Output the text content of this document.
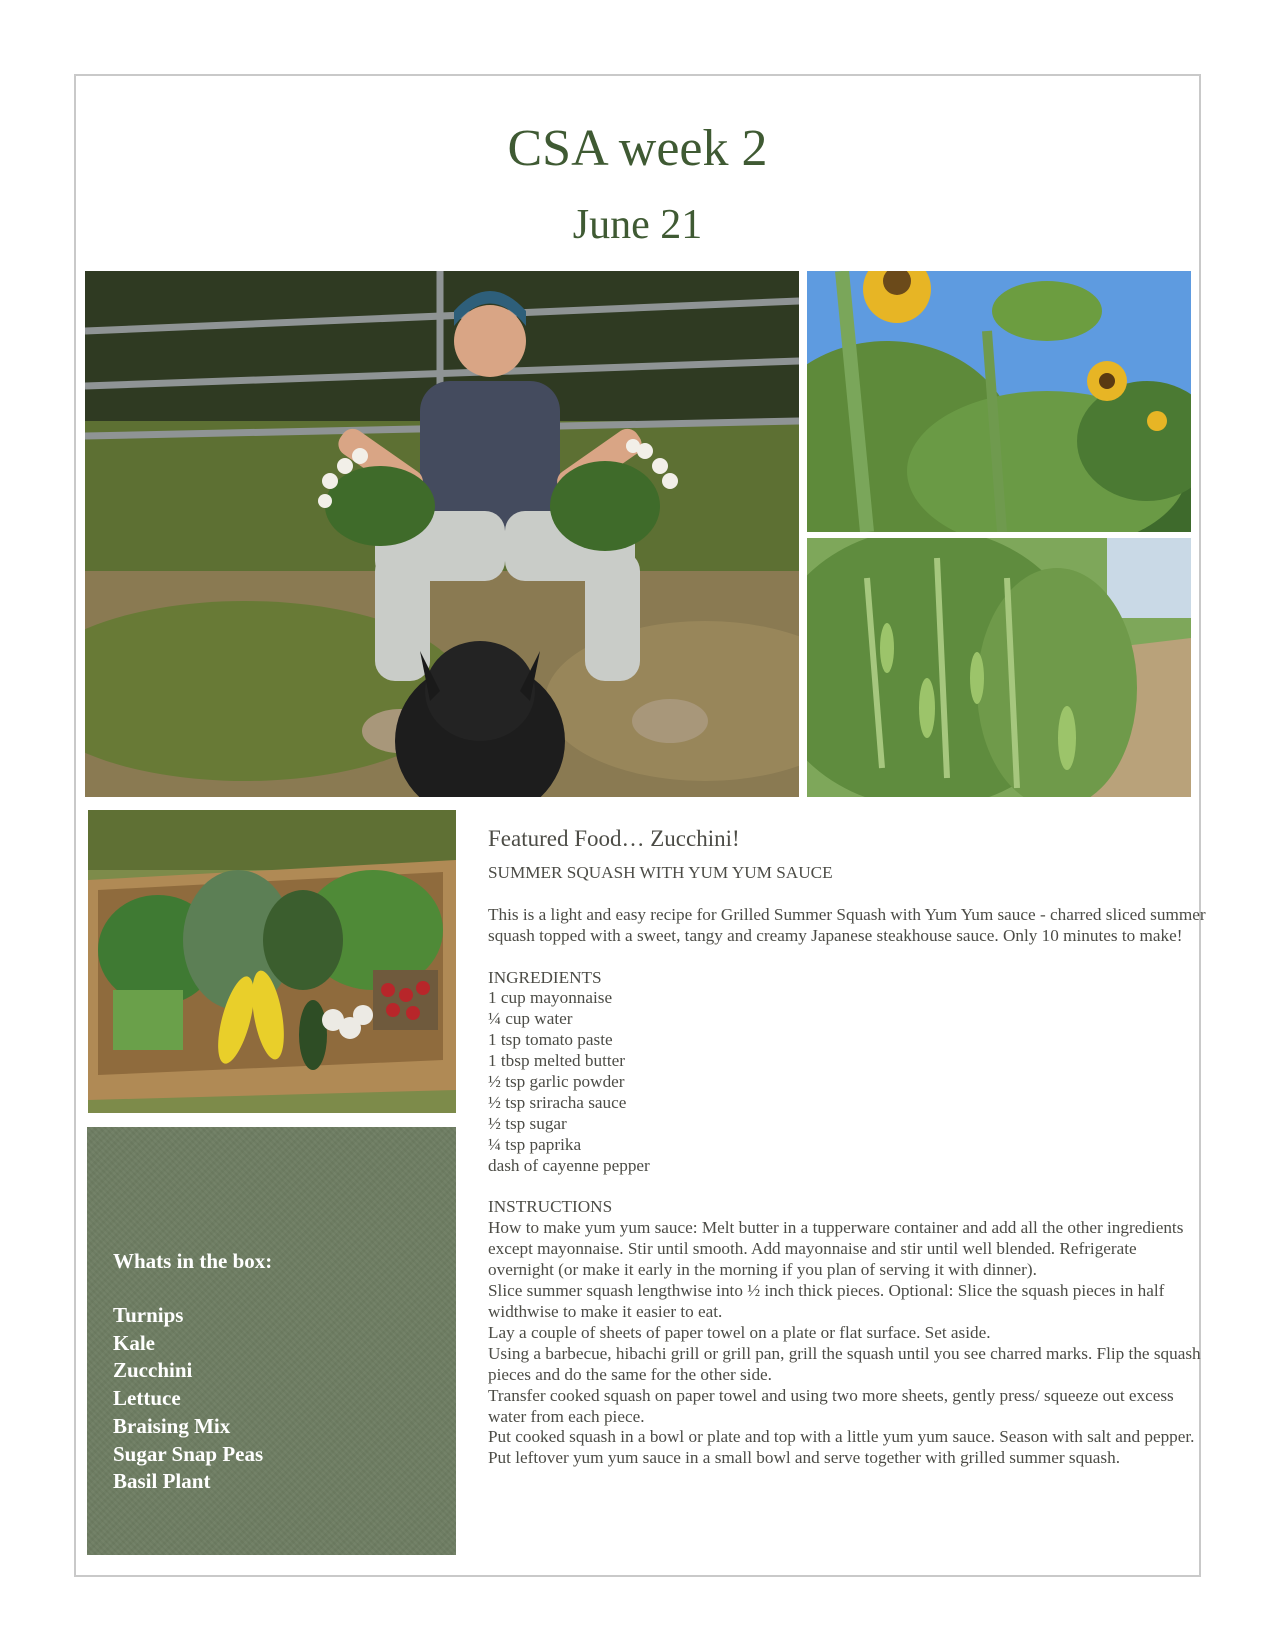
CSA week 2
June 21
Whats in the box:
Turnips
Kale
Zucchini
Lettuce
Braising Mix
Sugar Snap Peas
Basil Plant
Featured Food… Zucchini!

SUMMER SQUASH WITH YUM YUM SAUCE

This is a light and easy recipe for Grilled Summer Squash with Yum Yum sauce - charred sliced summer squash topped with a sweet, tangy and creamy Japanese steakhouse sauce. Only 10 minutes to make!

INGREDIENTS

1 cup mayonnaise
¼ cup water
1 tsp tomato paste
1 tbsp melted butter
½ tsp garlic powder
½ tsp sriracha sauce
½ tsp sugar
¼ tsp paprika
dash of cayenne pepper

INSTRUCTIONS

How to make yum yum sauce: Melt butter in a tupperware container and add all the other ingredients except mayonnaise. Stir until smooth. Add mayonnaise and stir until well blended. Refrigerate overnight (or make it early in the morning if you plan of serving it with dinner).
Slice summer squash lengthwise into ½ inch thick pieces. Optional: Slice the squash pieces in half widthwise to make it easier to eat.
Lay a couple of sheets of paper towel on a plate or flat surface. Set aside.
Using a barbecue, hibachi grill or grill pan, grill the squash until you see charred marks. Flip the squash pieces and do the same for the other side.
Transfer cooked squash on paper towel and using two more sheets, gently press/ squeeze out excess water from each piece.
Put cooked squash in a bowl or plate and top with a little yum yum sauce. Season with salt and pepper. Put leftover yum yum sauce in a small bowl and serve together with grilled summer squash.
